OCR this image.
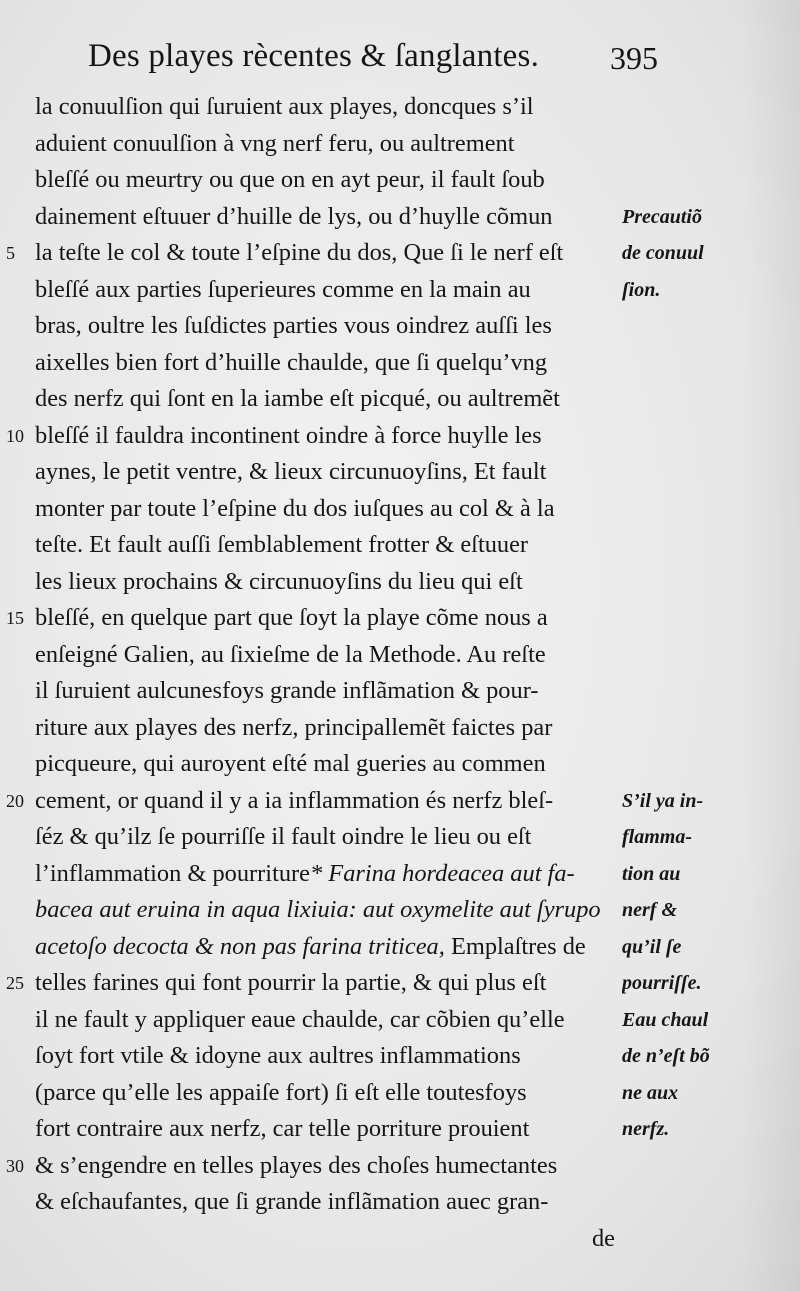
Des playes rècentes & ſanglantes. 395
5
10
15
20
25
30
la conuulſion qui ſuruient aux playes, doncques s’il
aduient conuulſion à vng nerf feru, ou aultrement
bleſſé ou meurtry ou que on en ayt peur, il fault ſoub
dainement eſtuuer d’huille de lys, ou d’huylle cõmun
la teſte le col & toute l’eſpine du dos, Que ſi le nerf eſt
bleſſé aux parties ſuperieures comme en la main au
bras, oultre les ſuſdictes parties vous oindrez auſſi les
aixelles bien fort d’huille chaulde, que ſi quelqu’vng
des nerfz qui ſont en la iambe eſt picqué, ou aultremẽt
bleſſé il fauldra incontinent oindre à force huylle les
aynes, le petit ventre, & lieux circunuoyſins, Et fault
monter par toute l’eſpine du dos iuſques au col & à la
teſte. Et fault auſſi ſemblablement frotter & eſtuuer
les lieux prochains & circunuoyſins du lieu qui eſt
bleſſé, en quelque part que ſoyt la playe cõme nous a
enſeigné Galien, au ſixieſme de la Methode. Au reſte
il ſuruient aulcunesfoys grande inflãmation & pour-
riture aux playes des nerfz, principallemẽt faictes par
picqueure, qui auroyent eſté mal gueries au commen
cement, or quand il y a ia inflammation és nerfz bleſ-
ſéz & qu’ilz ſe pourriſſe il fault oindre le lieu ou eſt
l’inflammation & pourriture* Farina hordeacea aut fa-
bacea aut eruina in aqua lixiuia: aut oxymelite aut ſyrupo
acetoſo decocta & non pas farina triticea, Emplaſtres de
telles farines qui font pourrir la partie, & qui plus eſt
il ne fault y appliquer eaue chaulde, car cõbien qu’elle
ſoyt fort vtile & idoyne aux aultres inflammations
(parce qu’elle les appaiſe fort) ſi eſt elle toutesfoys
fort contraire aux nerfz, car telle porriture prouient
& s’engendre en telles playes des choſes humectantes
& eſchaufantes, que ſi grande inflãmation auec gran-
de
Precautiõ
de conuul
ſion.
S’il ya in-
flamma-
tion au
nerf &
qu’il ſe
pourriſſe.
Eau chaul
de n’eſt bõ
ne aux
nerfz.
